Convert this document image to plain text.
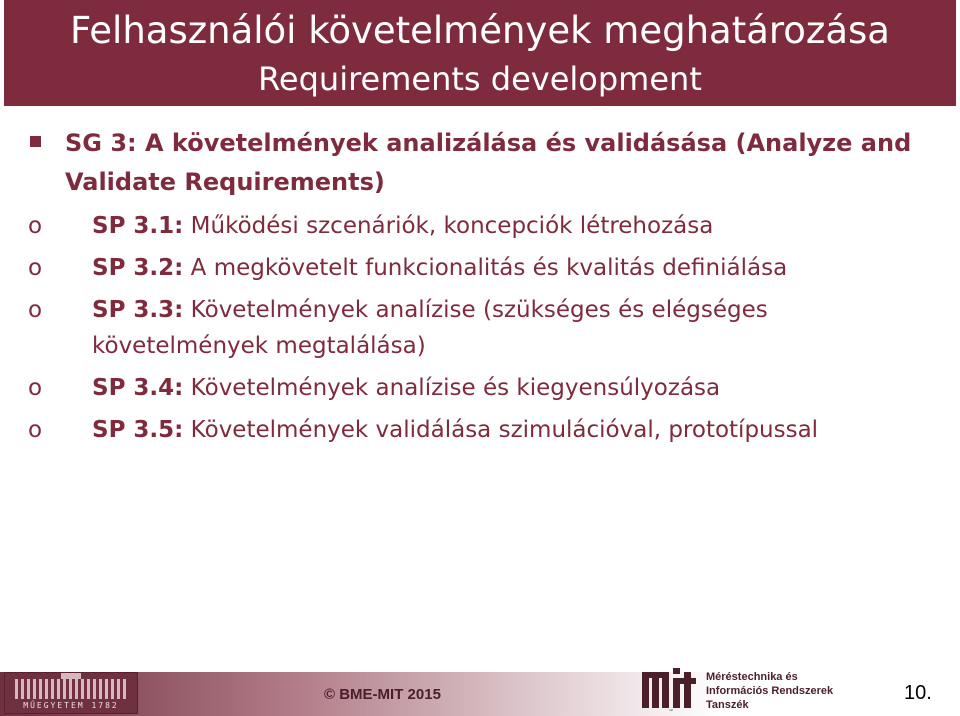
Felhasználói követelmények meghatározása
Requirements development
SG 3: A követelmények analizálása és validásása (Analyze and
Validate Requirements)
o SP 3.1: Működési szcenáriók, koncepciók létrehozása
o SP 3.2: A megkövetelt funkcionalitás és kvalitás definiálása
o SP 3.3: Követelmények analízise (szükséges és elégséges
követelmények megtalálása)
o SP 3.4: Követelmények analízise és kiegyensúlyozása
o SP 3.5: Követelmények validálása szimulációval, prototípussal
MŰEGYETEM 1782
© BME-MIT 2015
mit
Méréstechnika és
Információs Rendszerek
Tanszék
10.
